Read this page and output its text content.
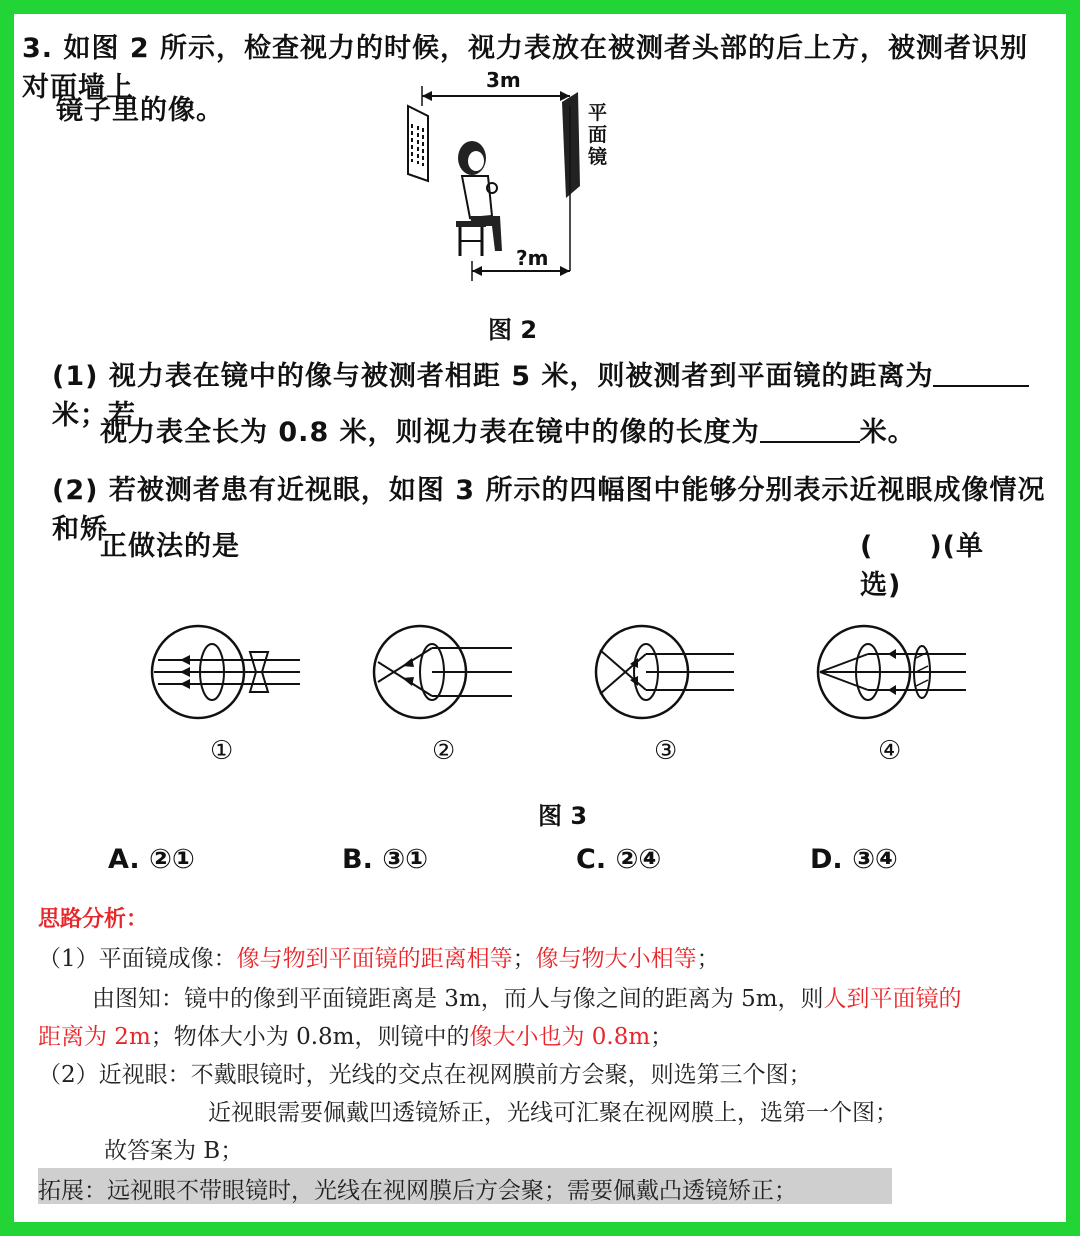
3. 如图 2 所示，检查视力的时候，视力表放在被测者头部的后上方，被测者识别对面墙上
镜子里的像。
3m
?m
平
面
镜
图 2
(1) 视力表在镜中的像与被测者相距 5 米，则被测者到平面镜的距离为米；若
视力表全长为 0.8 米，则视力表在镜中的像的长度为	米。
(2) 若被测者患有近视眼，如图 3 所示的四幅图中能够分别表示近视眼成像情况和矫
正做法的是	(　　)(单选)
①	②	③	④
图 3
A. ②①	B. ③①	C. ②④	D. ③④
思路分析：
（1）平面镜成像：像与物到平面镜的距离相等；像与物大小相等；
由图知：镜中的像到平面镜距离是 3m，而人与像之间的距离为 5m，则人到平面镜的
距离为 2m；物体大小为 0.8m，则镜中的像大小也为 0.8m；
（2）近视眼：不戴眼镜时，光线的交点在视网膜前方会聚，则选第三个图；
近视眼需要佩戴凹透镜矫正，光线可汇聚在视网膜上，选第一个图；
故答案为 B；
拓展：远视眼不带眼镜时，光线在视网膜后方会聚；需要佩戴凸透镜矫正；
